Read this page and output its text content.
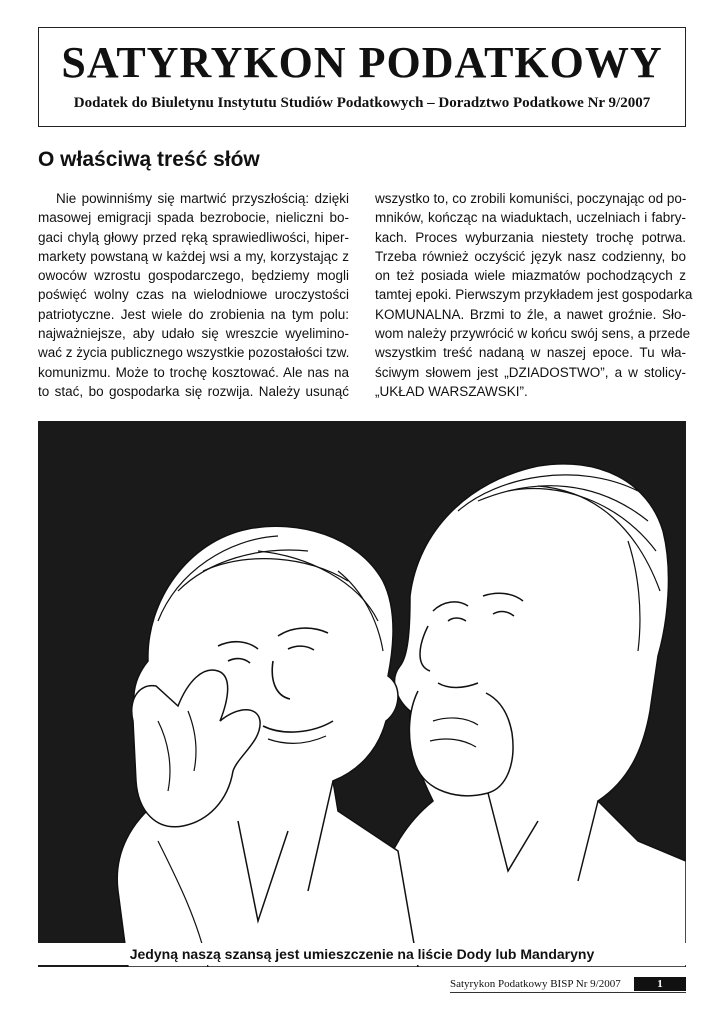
SATYRYKON PODATKOWY
Dodatek do Biuletynu Instytutu Studiów Podatkowych – Doradztwo Podatkowe Nr 9/2007
O właściwą treść słów
Nie powinniśmy się martwić przyszłością: dzięki
masowej emigracji spada bezrobocie, nieliczni bo-
gaci chylą głowy przed ręką sprawiedliwości, hiper-
markety powstaną w każdej wsi a my, korzystając z
owoców wzrostu gospodarczego, będziemy mogli
poświęć wolny czas na wielodniowe uroczystości
patriotyczne. Jest wiele do zrobienia na tym polu:
najważniejsze, aby udało się wreszcie wyelimino-
wać z życia publicznego wszystkie pozostałości tzw.
komunizmu. Może to trochę kosztować. Ale nas na
to stać, bo gospodarka się rozwija. Należy usunąć
wszystko to, co zrobili komuniści, poczynając od po-
mników, kończąc na wiaduktach, uczelniach i fabry-
kach. Proces wyburzania niestety trochę potrwa.
Trzeba również oczyścić język nasz codzienny, bo
on też posiada wiele miazmatów pochodzących z
tamtej epoki. Pierwszym przykładem jest gospodarka
KOMUNALNA. Brzmi to źle, a nawet groźnie. Sło-
wom należy przywrócić w końcu swój sens, a przede
wszystkim treść nadaną w naszej epoce. Tu wła-
ściwym słowem jest „DZIADOSTWO”, a w stolicy-
„UKŁAD WARSZAWSKI”.
Jedyną naszą szansą jest umieszczenie na liście Dody lub Mandaryny
Satyrykon Podatkowy BISP Nr 9/2007	1
